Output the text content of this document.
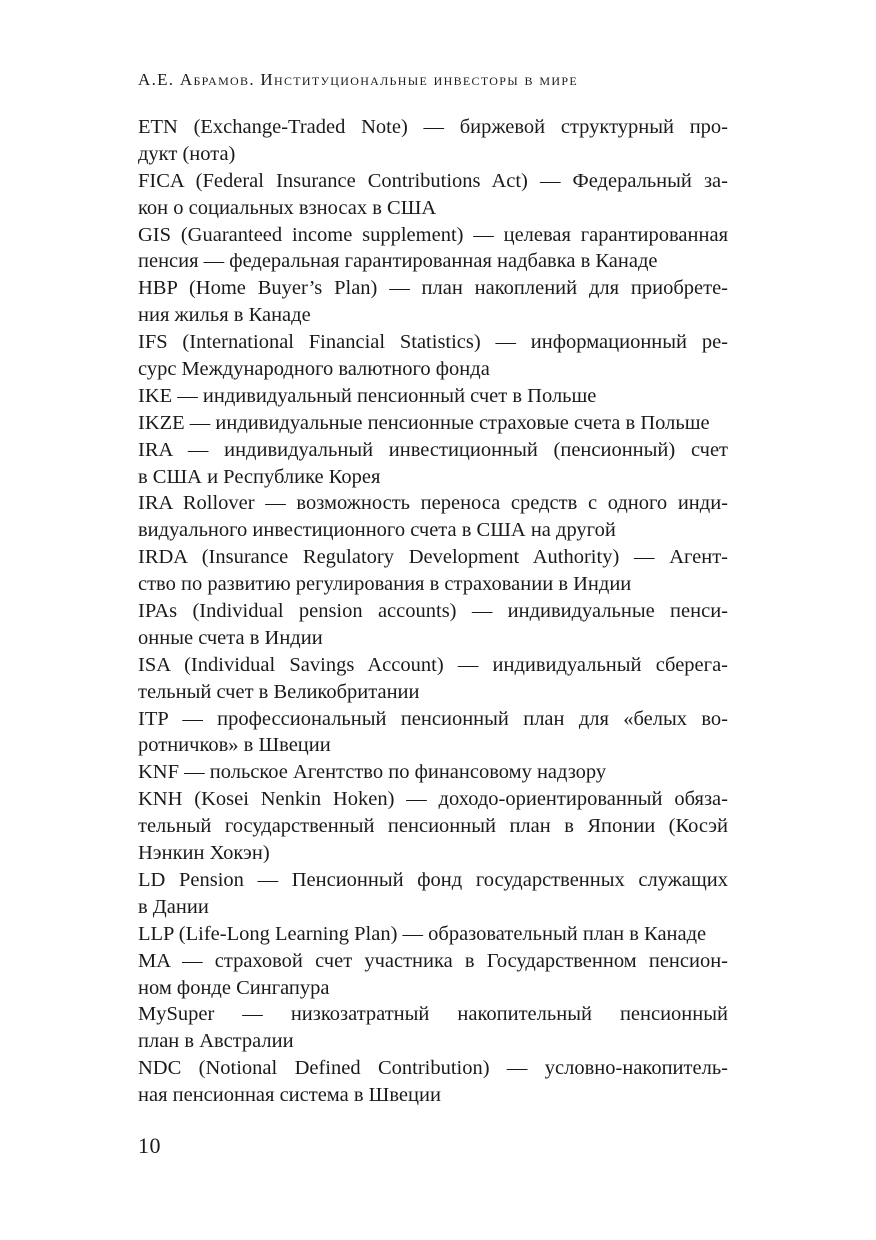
А.Е. Абрамов. Институциональные инвесторы в мире
ETN (Exchange-Traded Note) — биржевой структурный про-
дукт (нота)
FICA (Federal Insurance Contributions Act) — Федеральный за-
кон о социальных взносах в США
GIS (Guaranteed income supplement) — целевая гарантированная
пенсия — федеральная гарантированная надбавка в Канаде
HBP (Home Buyer’s Plan) — план накоплений для приобрете-
ния жилья в Канаде
IFS (International Financial Statistics) — информационный ре-
сурс Международного валютного фонда
IKE — индивидуальный пенсионный счет в Польше
IKZE — индивидуальные пенсионные страховые счета в Польше
IRA — индивидуальный инвестиционный (пенсионный) счет
в США и Республике Корея
IRA Rollover — возможность переноса средств с одного инди-
видуального инвестиционного счета в США на другой
IRDA (Insurance Regulatory Development Authority) — Агент-
ство по развитию регулирования в страховании в Индии
IPAs (Individual pension accounts) — индивидуальные пенси-
онные счета в Индии
ISA (Individual Savings Account) — индивидуальный сберега-
тельный счет в Великобритании
ITP — профессиональный пенсионный план для «белых во-
ротничков» в Швеции
KNF — польское Агентство по финансовому надзору
KNH (Kosei Nenkin Hoken) — доходо-ориентированный обяза-
тельный государственный пенсионный план в Японии (Косэй
Нэнкин Хокэн)
LD Pension — Пенсионный фонд государственных служащих
в Дании
LLP (Life-Long Learning Plan) — образовательный план в Канаде
MA — страховой счет участника в Государственном пенсион-
ном фонде Сингапура
MySuper — низкозатратный накопительный пенсионный
план в Австралии
NDC (Notional Defined Contribution) — условно-накопитель-
ная пенсионная система в Швеции
10
